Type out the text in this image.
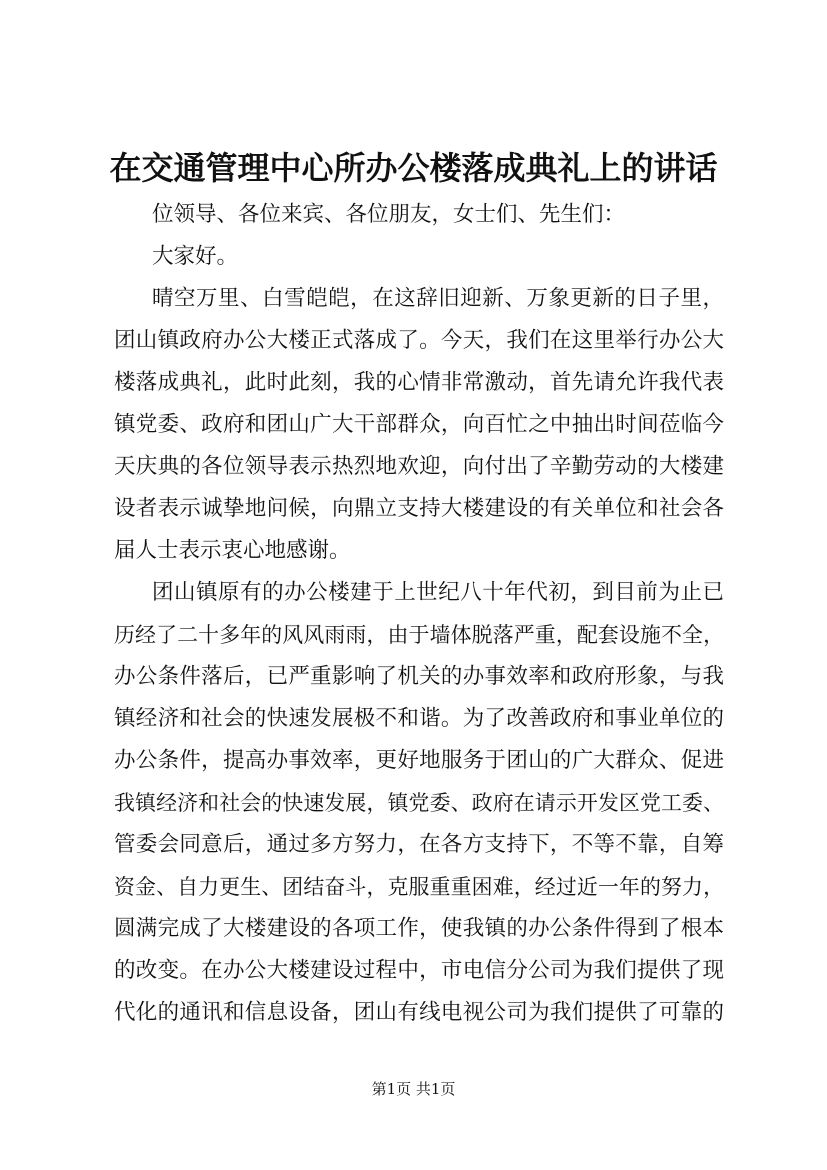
在交通管理中心所办公楼落成典礼上的讲话
位领导、各位来宾、各位朋友，女士们、先生们：
大家好。
晴空万里、白雪皑皑，在这辞旧迎新、万象更新的日子里，
团山镇政府办公大楼正式落成了。今天，我们在这里举行办公大
楼落成典礼，此时此刻，我的心情非常激动，首先请允许我代表
镇党委、政府和团山广大干部群众，向百忙之中抽出时间莅临今
天庆典的各位领导表示热烈地欢迎，向付出了辛勤劳动的大楼建
设者表示诚挚地问候，向鼎立支持大楼建设的有关单位和社会各
届人士表示衷心地感谢。
团山镇原有的办公楼建于上世纪八十年代初，到目前为止已
历经了二十多年的风风雨雨，由于墙体脱落严重，配套设施不全，
办公条件落后，已严重影响了机关的办事效率和政府形象，与我
镇经济和社会的快速发展极不和谐。为了改善政府和事业单位的
办公条件，提高办事效率，更好地服务于团山的广大群众、促进
我镇经济和社会的快速发展，镇党委、政府在请示开发区党工委、
管委会同意后，通过多方努力，在各方支持下，不等不靠，自筹
资金、自力更生、团结奋斗，克服重重困难，经过近一年的努力，
圆满完成了大楼建设的各项工作，使我镇的办公条件得到了根本
的改变。在办公大楼建设过程中，市电信分公司为我们提供了现
代化的通讯和信息设备，团山有线电视公司为我们提供了可靠的
第1页 共1页
